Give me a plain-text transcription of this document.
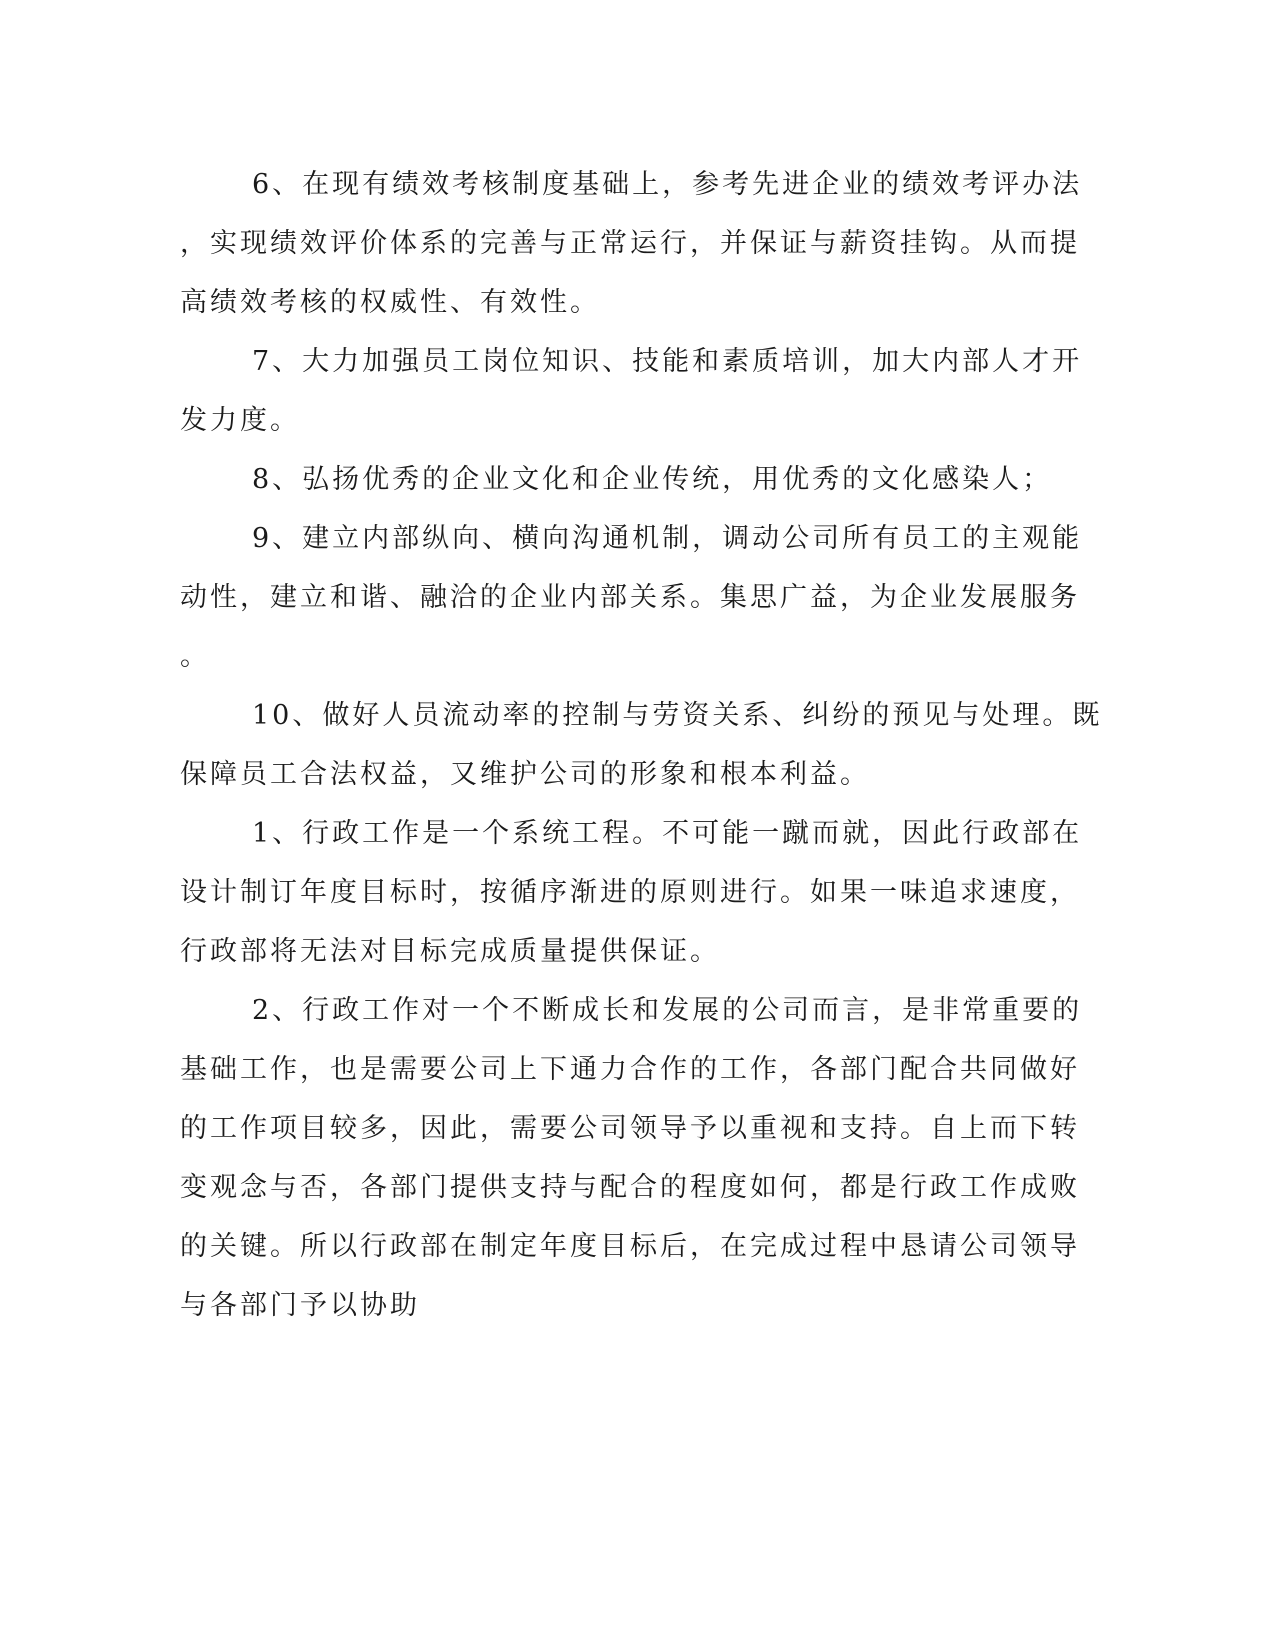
6、在现有绩效考核制度基础上，参考先进企业的绩效考评办法
，实现绩效评价体系的完善与正常运行，并保证与薪资挂钩。从而提
高绩效考核的权威性、有效性。
7、大力加强员工岗位知识、技能和素质培训，加大内部人才开
发力度。
8、弘扬优秀的企业文化和企业传统，用优秀的文化感染人；
9、建立内部纵向、横向沟通机制，调动公司所有员工的主观能
动性，建立和谐、融洽的企业内部关系。集思广益，为企业发展服务
。
10、做好人员流动率的控制与劳资关系、纠纷的预见与处理。既
保障员工合法权益，又维护公司的形象和根本利益。
1、行政工作是一个系统工程。不可能一蹴而就，因此行政部在
设计制订年度目标时，按循序渐进的原则进行。如果一味追求速度，
行政部将无法对目标完成质量提供保证。
2、行政工作对一个不断成长和发展的公司而言，是非常重要的
基础工作，也是需要公司上下通力合作的工作，各部门配合共同做好
的工作项目较多，因此，需要公司领导予以重视和支持。自上而下转
变观念与否，各部门提供支持与配合的程度如何，都是行政工作成败
的关键。所以行政部在制定年度目标后，在完成过程中恳请公司领导
与各部门予以协助
